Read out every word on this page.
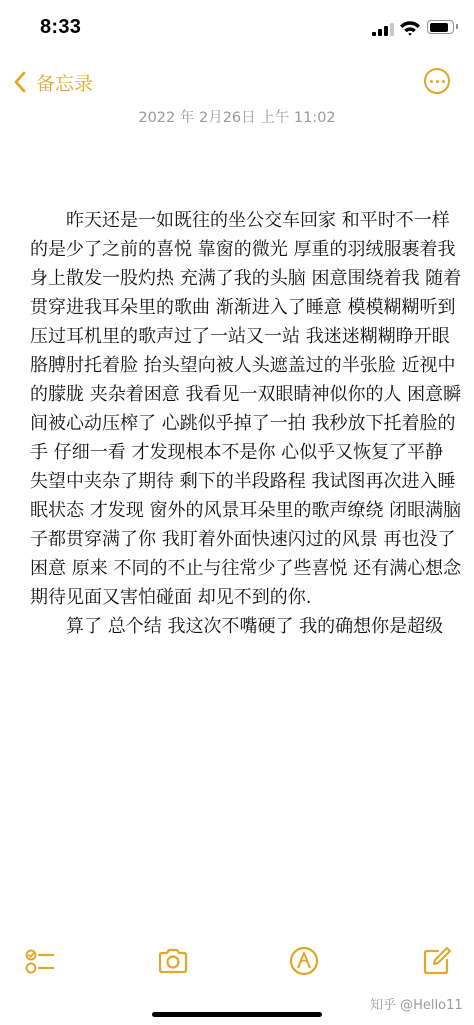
8:33
备忘录
2022 年 2月26日 上午 11:02

昨天还是一如既往的坐公交车回家 和平时不一样的是少了之前的喜悦 靠窗的微光 厚重的羽绒服裹着我 身上散发一股灼热 充满了我的头脑 困意围绕着我 随着贯穿进我耳朵里的歌曲 渐渐进入了睡意 模模糊糊听到压过耳机里的歌声过了一站又一站 我迷迷糊糊睁开眼 胳膊肘托着脸 抬头望向被人头遮盖过的半张脸 近视中的朦胧 夹杂着困意 我看见一双眼睛神似你的人 困意瞬间被心动压榨了 心跳似乎掉了一拍 我秒放下托着脸的手 仔细一看 才发现根本不是你 心似乎又恢复了平静 失望中夹杂了期待 剩下的半段路程 我试图再次进入睡眠状态 才发现 窗外的风景耳朵里的歌声缭绕 闭眼满脑子都贯穿满了你 我盯着外面快速闪过的风景 再也没了困意 原来 不同的不止与往常少了些喜悦 还有满心想念 期待见面又害怕碰面 却见不到的你.

算了 总个结 我这次不嘴硬了 我的确想你是超级

知乎 @Hello11
